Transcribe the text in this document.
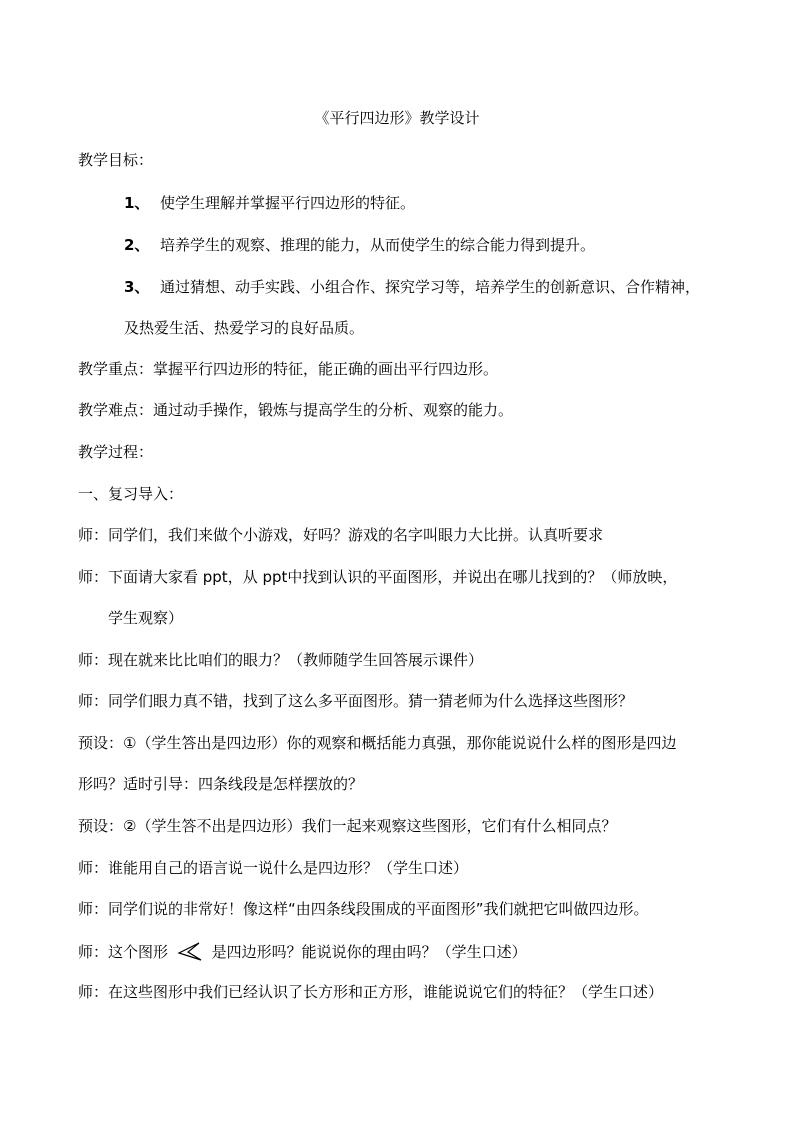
《平行四边形》教学设计
教学目标：
1、 使学生理解并掌握平行四边形的特征。
2、 培养学生的观察、推理的能力，从而使学生的综合能力得到提升。
3、 通过猜想、动手实践、小组合作、探究学习等，培养学生的创新意识、合作精神，
及热爱生活、热爱学习的良好品质。
教学重点：掌握平行四边形的特征，能正确的画出平行四边形。
教学难点：通过动手操作，锻炼与提高学生的分析、观察的能力。
教学过程：
一、复习导入：
师：同学们，我们来做个小游戏，好吗？游戏的名字叫眼力大比拼。认真听要求
师：下面请大家看 ppt，从 ppt中找到认识的平面图形，并说出在哪儿找到的？（师放映，
学生观察）
师：现在就来比比咱们的眼力？（教师随学生回答展示课件）
师：同学们眼力真不错，找到了这么多平面图形。猜一猜老师为什么选择这些图形？
预设：①（学生答出是四边形）你的观察和概括能力真强，那你能说说什么样的图形是四边
形吗？适时引导：四条线段是怎样摆放的？
预设：②（学生答不出是四边形）我们一起来观察这些图形，它们有什么相同点？
师：谁能用自己的语言说一说什么是四边形？（学生口述）
师：同学们说的非常好！像这样“由四条线段围成的平面图形”我们就把它叫做四边形。
师：这个图形	是四边形吗？能说说你的理由吗？（学生口述）
师：在这些图形中我们已经认识了长方形和正方形，谁能说说它们的特征？（学生口述）
